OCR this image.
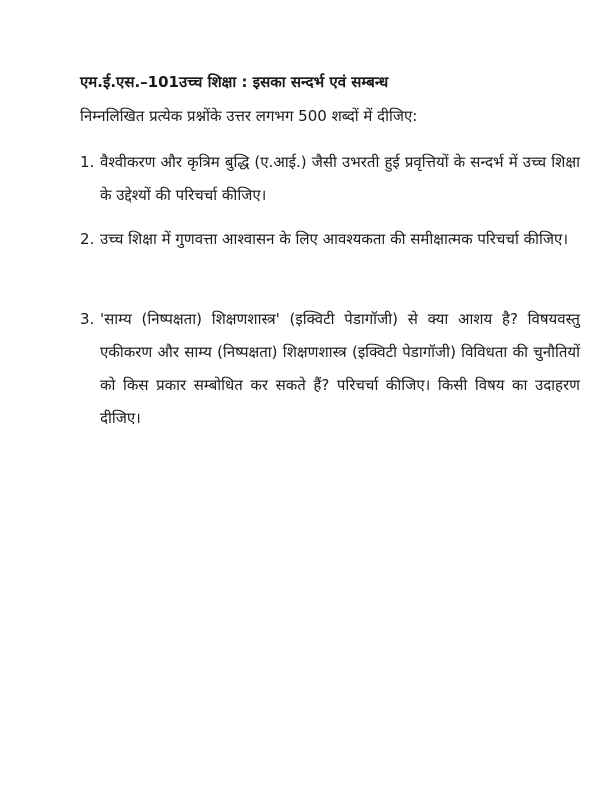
एम.ई.एस.–101उच्च शिक्षा : इसका सन्दर्भ एवं सम्बन्ध
निम्नलिखित प्रत्येक प्रश्नोंके उत्तर लगभग 500 शब्दों में दीजिए:
1. वैश्वीकरण और कृत्रिम बुद्धि (ए.आई.) जैसी उभरती हुई प्रवृत्तियों के सन्दर्भ में उच्च शिक्षा के उद्देश्यों की परिचर्चा कीजिए।
2. उच्च शिक्षा में गुणवत्ता आश्वासन के लिए आवश्यकता की समीक्षात्मक परिचर्चा कीजिए।
3. 'साम्य (निष्पक्षता) शिक्षणशास्त्र' (इक्विटी पेडागॉजी) से क्या आशय है? विषयवस्तु एकीकरण और साम्य (निष्पक्षता) शिक्षणशास्त्र (इक्विटी पेडागॉजी) विविधता की चुनौतियों को किस प्रकार सम्बोधित कर सकते हैं? परिचर्चा कीजिए। किसी विषय का उदाहरण दीजिए।
